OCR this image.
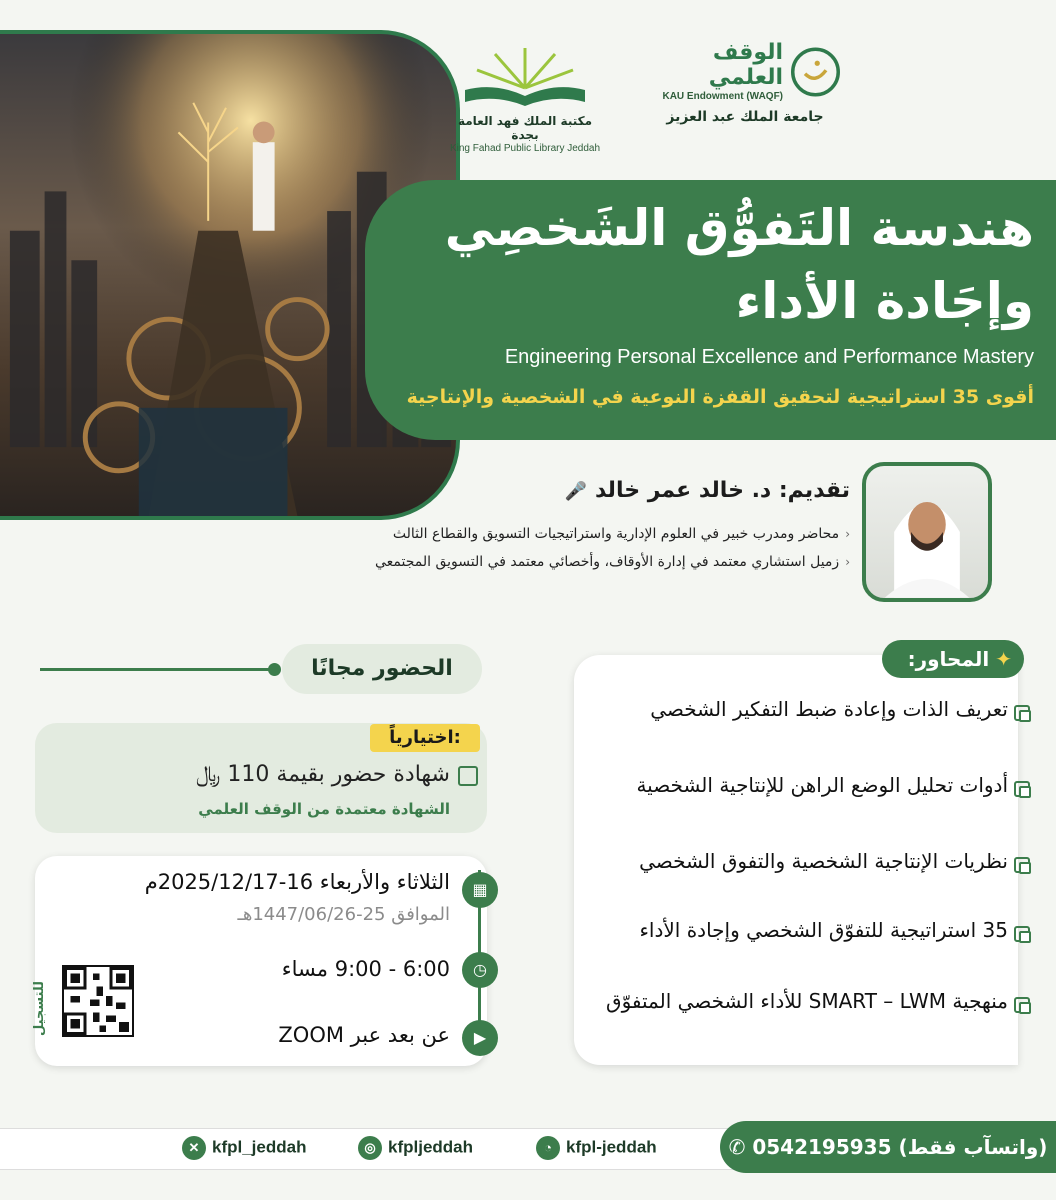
مكتبة الملك فهد العامة بجدة
King Fahad Public Library Jeddah
الوقف العلمي
KAU Endowment (WAQF)
جامعة الملك عبد العزيز
هندسة التَفوُّق الشَخصِي
وإجَادة الأداء
Engineering Personal Excellence and Performance Mastery
أقوى 35 استراتيجية لتحقيق القفزة النوعية في الشخصية والإنتاجية
تقديم: د. خالد عمر خالد 🎤
‹محاضر ومدرب خبير في العلوم الإدارية واستراتيجيات التسويق والقطاع الثالث
‹زميل استشاري معتمد في إدارة الأوقاف، وأخصائي معتمد في التسويق المجتمعي
✦المحاور:
تعريف الذات وإعادة ضبط التفكير الشخصي
أدوات تحليل الوضع الراهن للإنتاجية الشخصية
نظريات الإنتاجية الشخصية والتفوق الشخصي
35 استراتيجية للتفوّق الشخصي وإجادة الأداء
منهجية SMART – LWM للأداء الشخصي المتفوّق
الحضور مجانًا
اختيارياً:
شهادة حضور بقيمة 110 ﷼
الشهادة معتمدة من الوقف العلمي
▦
الثلاثاء والأربعاء 16-2025/12/17م
الموافق 25-1447/06/26هـ
◷
6:00 - 9:00 مساء
▶
عن بعد عبر ZOOM
للتسجيل
(واتسآب فقط) 0542195935 ✆
◔ kfpl-jeddah
◎ kfpljeddah
✕ kfpl_jeddah
